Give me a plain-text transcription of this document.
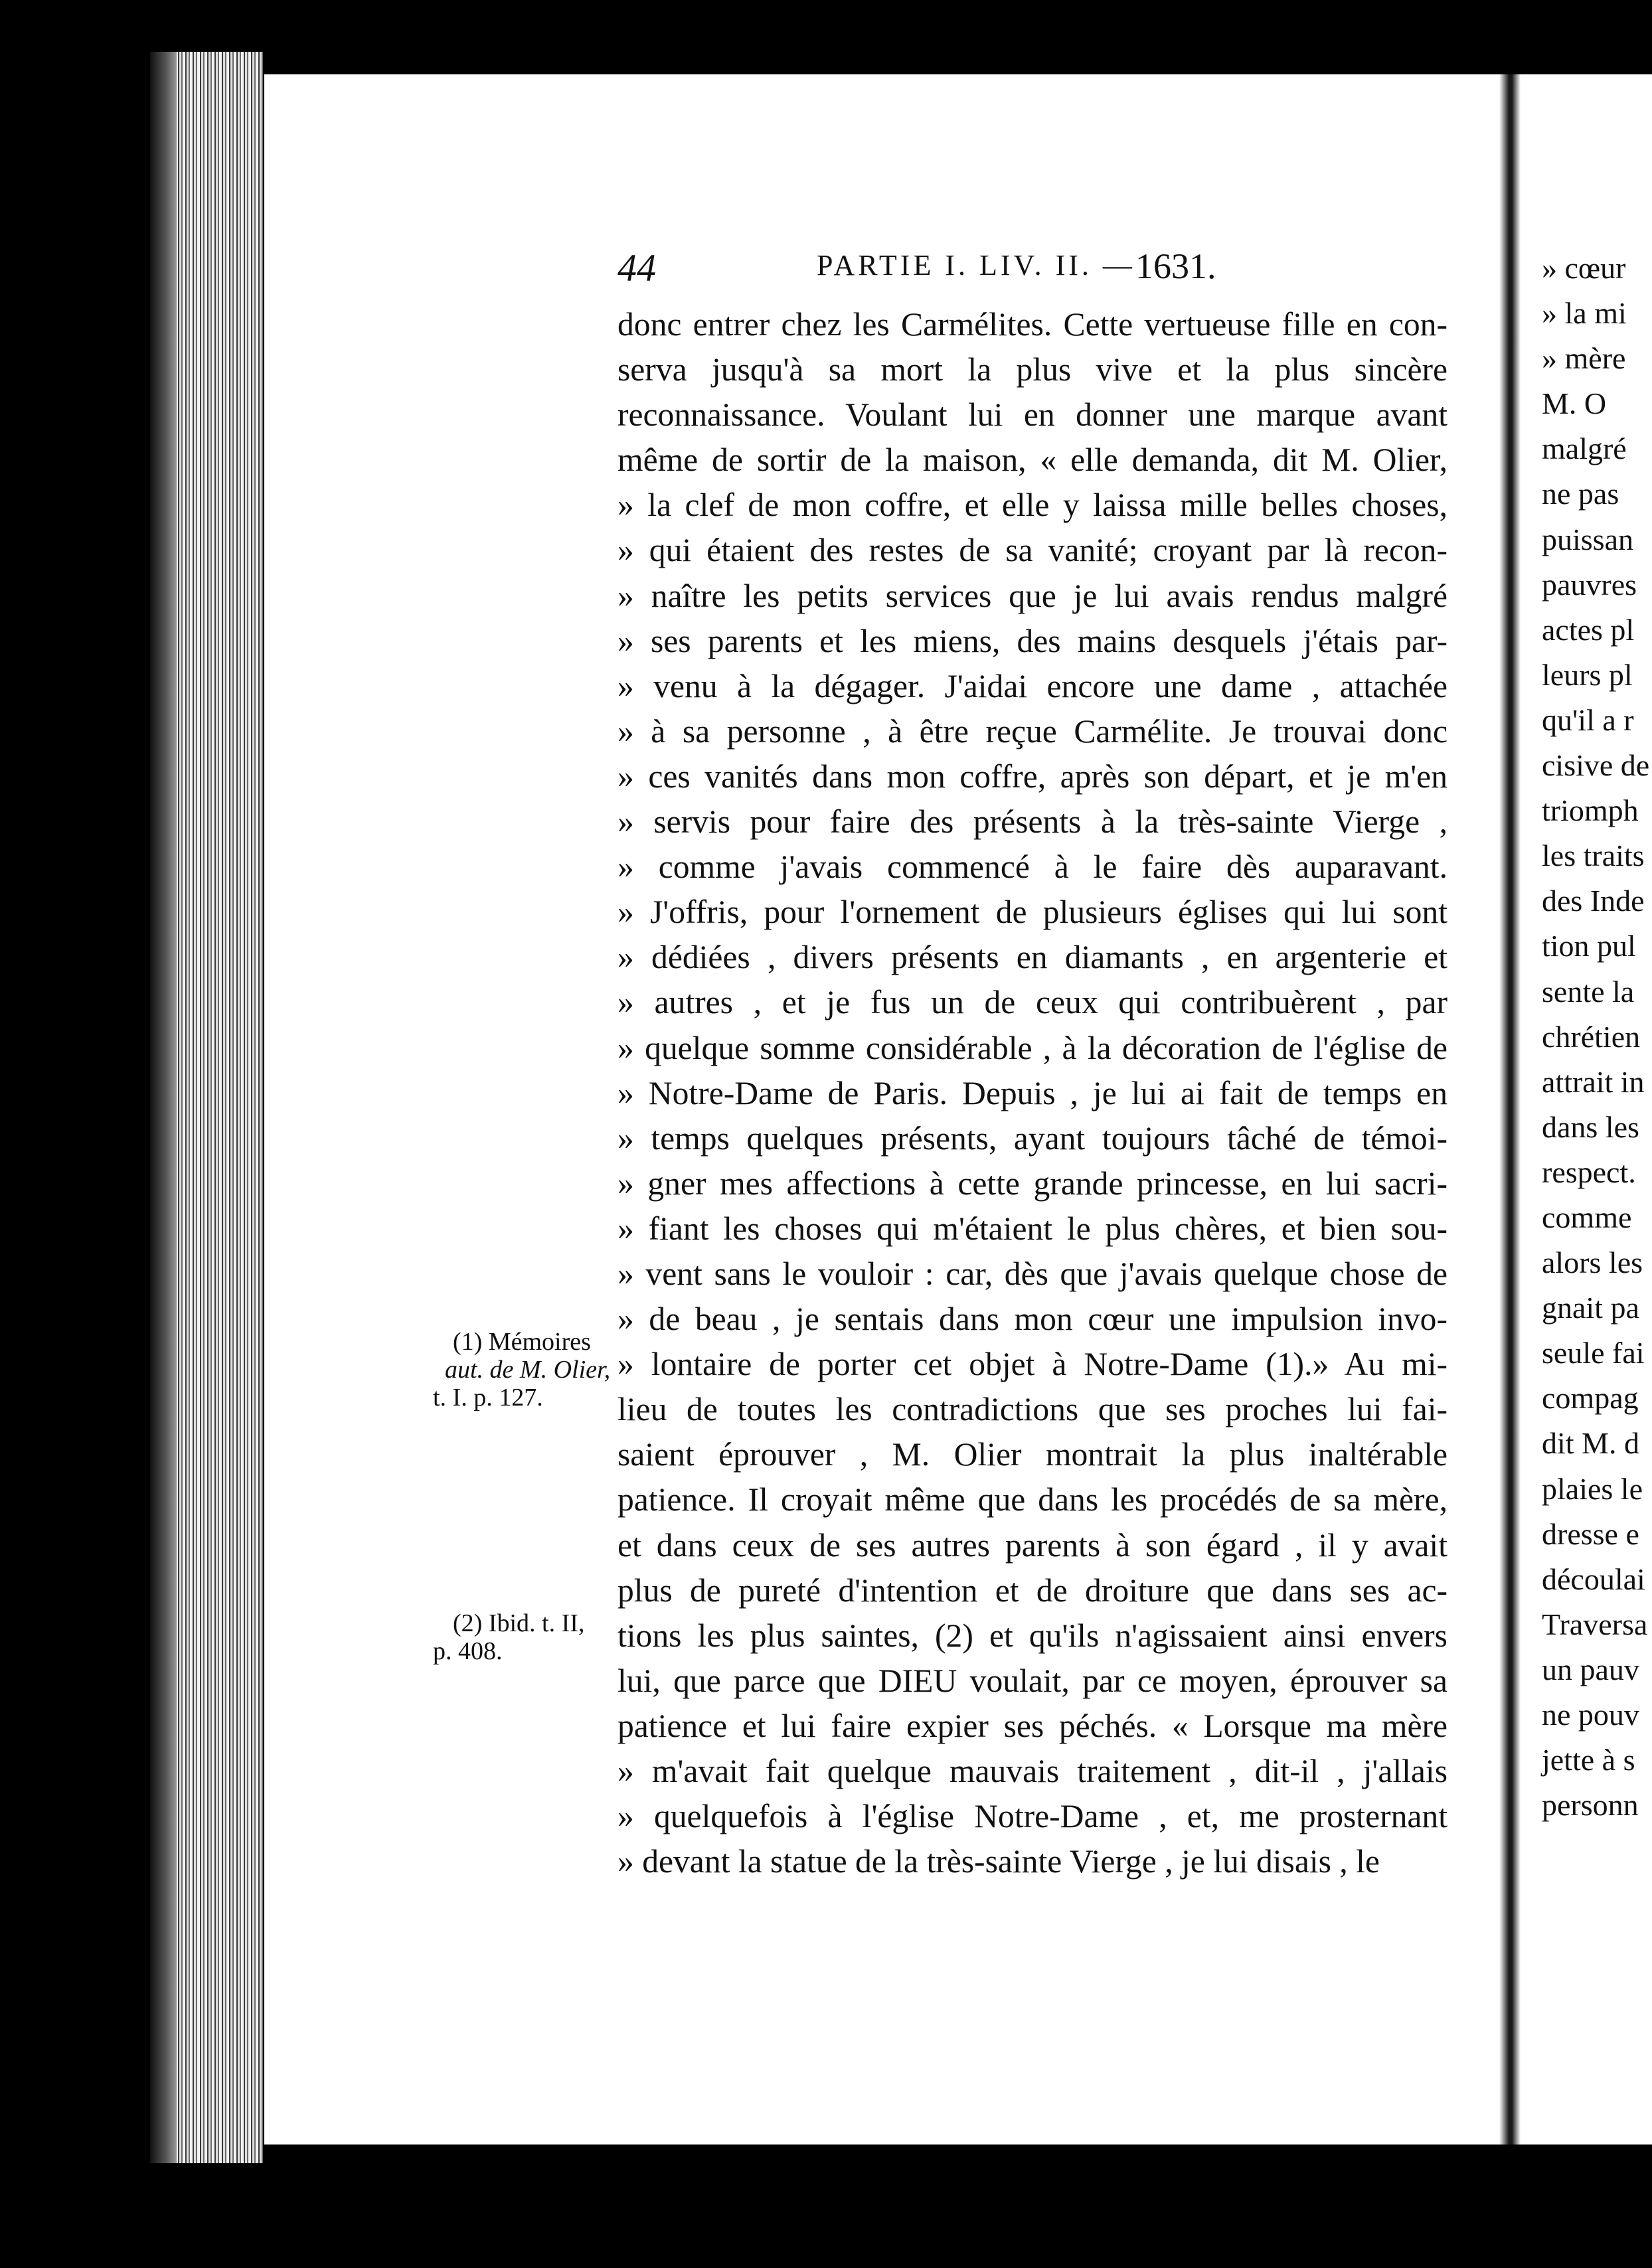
44	PARTIE I. LIV. II. — 1631.
donc entrer chez les Carmélites. Cette vertueuse fille en con-
serva jusqu'à sa mort la plus vive et la plus sincère
reconnaissance. Voulant lui en donner une marque avant
même de sortir de la maison, « elle demanda, dit M. Olier,
» la clef de mon coffre, et elle y laissa mille belles choses,
» qui étaient des restes de sa vanité; croyant par là recon-
» naître les petits services que je lui avais rendus malgré
» ses parents et les miens, des mains desquels j'étais par-
» venu à la dégager. J'aidai encore une dame , attachée
» à sa personne , à être reçue Carmélite. Je trouvai donc
» ces vanités dans mon coffre, après son départ, et je m'en
» servis pour faire des présents à la très-sainte Vierge ,
» comme j'avais commencé à le faire dès auparavant.
» J'offris, pour l'ornement de plusieurs églises qui lui sont
» dédiées , divers présents en diamants , en argenterie et
» autres , et je fus un de ceux qui contribuèrent , par
» quelque somme considérable , à la décoration de l'église de
» Notre-Dame de Paris. Depuis , je lui ai fait de temps en
» temps quelques présents, ayant toujours tâché de témoi-
» gner mes affections à cette grande princesse, en lui sacri-
» fiant les choses qui m'étaient le plus chères, et bien sou-
» vent sans le vouloir : car, dès que j'avais quelque chose de
» de beau , je sentais dans mon cœur une impulsion invo-
» lontaire de porter cet objet à Notre-Dame (1).» Au mi-
lieu de toutes les contradictions que ses proches lui fai-
saient éprouver , M. Olier montrait la plus inaltérable
patience. Il croyait même que dans les procédés de sa mère,
et dans ceux de ses autres parents à son égard , il y avait
plus de pureté d'intention et de droiture que dans ses ac-
tions les plus saintes, (2) et qu'ils n'agissaient ainsi envers
lui, que parce que DIEU voulait, par ce moyen, éprouver sa
patience et lui faire expier ses péchés. « Lorsque ma mère
» m'avait fait quelque mauvais traitement , dit-il , j'allais
» quelquefois à l'église Notre-Dame , et, me prosternant
» devant la statue de la très-sainte Vierge , je lui disais , le
(1) Mémoires
aut. de M. Olier,
t. I. p. 127.
(2) Ibid. t. II,
p. 408.
» cœur
» la mi
» mère
M. O
malgré
ne pas
puissan
pauvres
actes pl
leurs pl
qu'il a r
cisive de
triomph
les traits
des Inde
tion pul
sente la
chrétien
attrait in
dans les
respect.
comme
alors les
gnait pa
seule fai
compag
dit M. d
plaies le
dresse e
découlai
Traversa
un pauv
ne pouv
jette à s
personn
